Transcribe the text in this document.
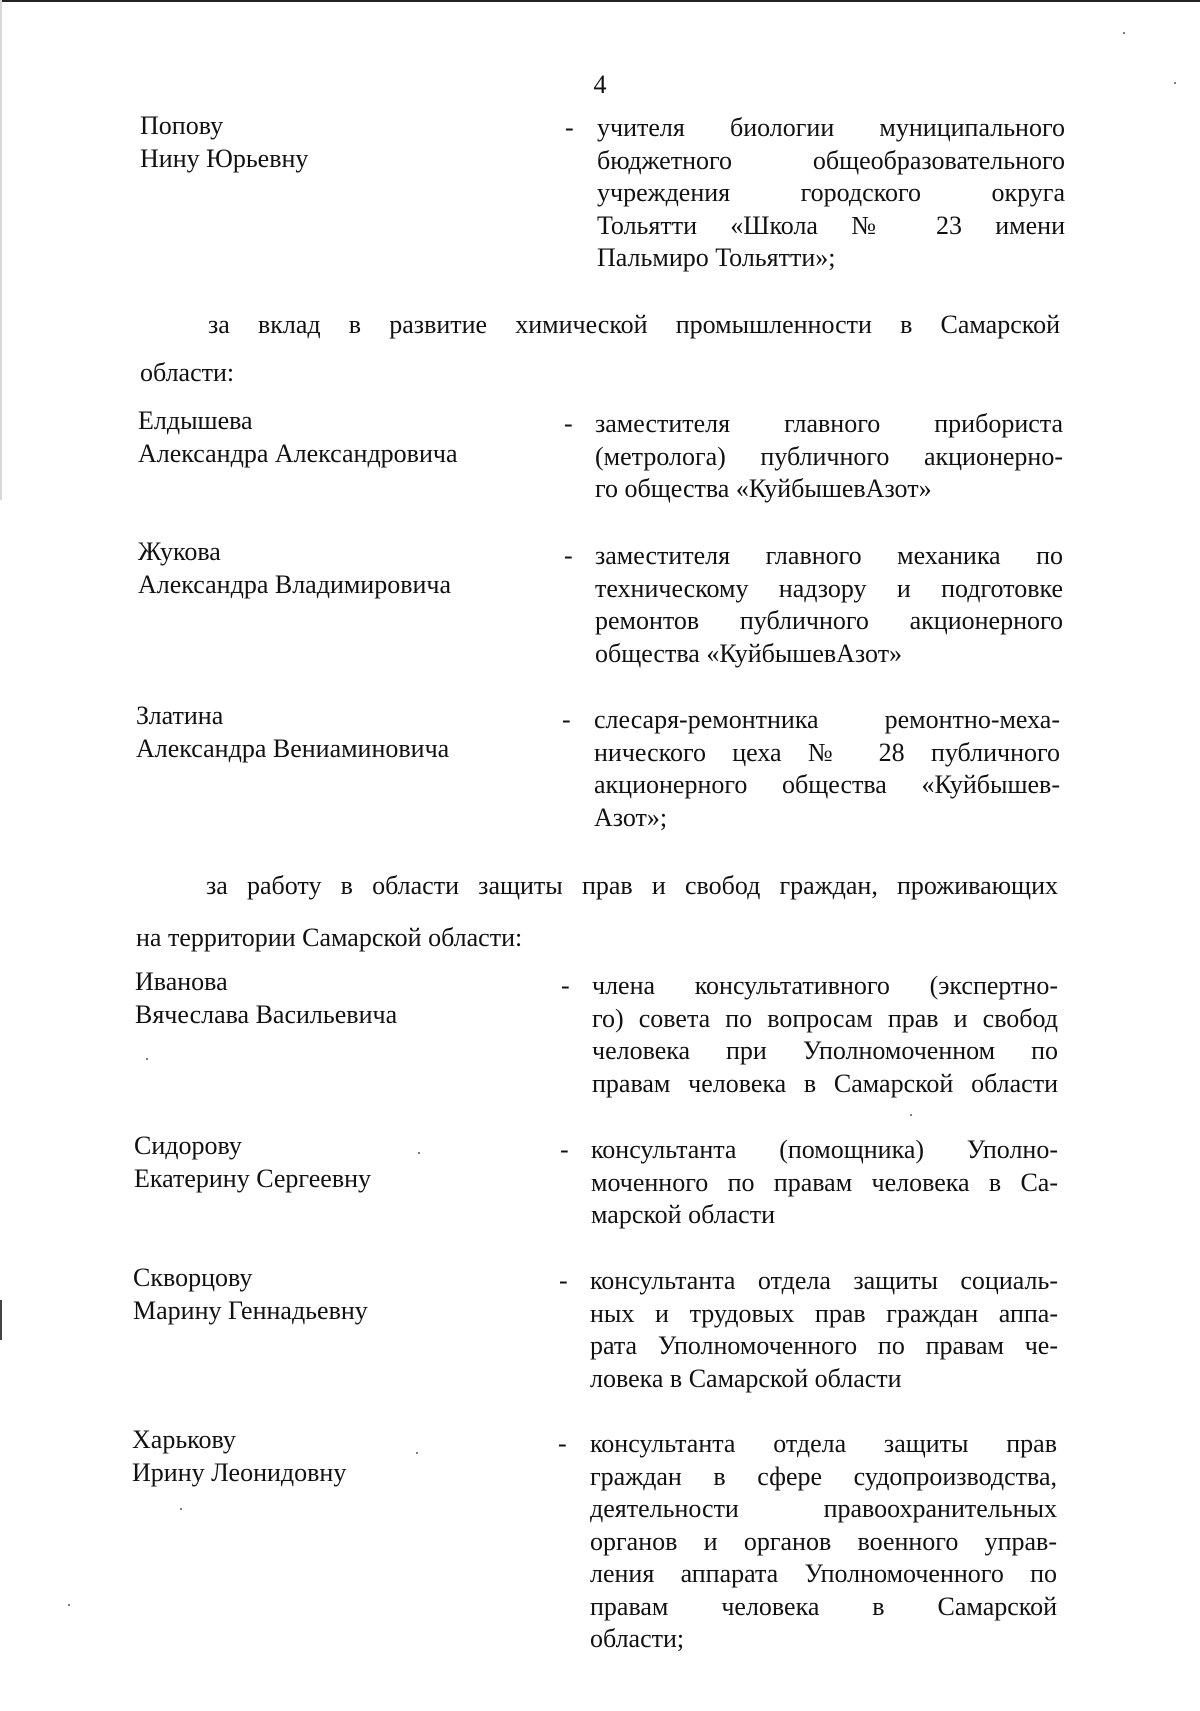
4
Попову
Нину Юрьевну
- учителя биологии муниципального
бюджетного общеобразовательного
учреждения городского округа
Тольятти «Школа № 23 имени
Пальмиро Тольятти»;
за вклад в развитие химической промышленности в Самарской
области:
Елдышева
Александра Александровича
- заместителя главного прибориста
(метролога) публичного акционерно-
го общества «КуйбышевАзот»
Жукова
Александра Владимировича
- заместителя главного механика по
техническому надзору и подготовке
ремонтов публичного акционерного
общества «КуйбышевАзот»
Златина
Александра Вениаминовича
- слесаря-ремонтника ремонтно-меха-
нического цеха № 28 публичного
акционерного общества «Куйбышев-
Азот»;
за работу в области защиты прав и свобод граждан, проживающих
на территории Самарской области:
Иванова
Вячеслава Васильевича
- члена консультативного (экспертно-
го) совета по вопросам прав и свобод
человека при Уполномоченном по
правам человека в Самарской области
Сидорову
Екатерину Сергеевну
- консультанта (помощника) Уполно-
моченного по правам человека в Са-
марской области
Скворцову
Марину Геннадьевну
- консультанта отдела защиты социаль-
ных и трудовых прав граждан аппа-
рата Уполномоченного по правам че-
ловека в Самарской области
Харькову
Ирину Леонидовну
- консультанта отдела защиты прав
граждан в сфере судопроизводства,
деятельности правоохранительных
органов и органов военного управ-
ления аппарата Уполномоченного по
правам человека в Самарской
области;
